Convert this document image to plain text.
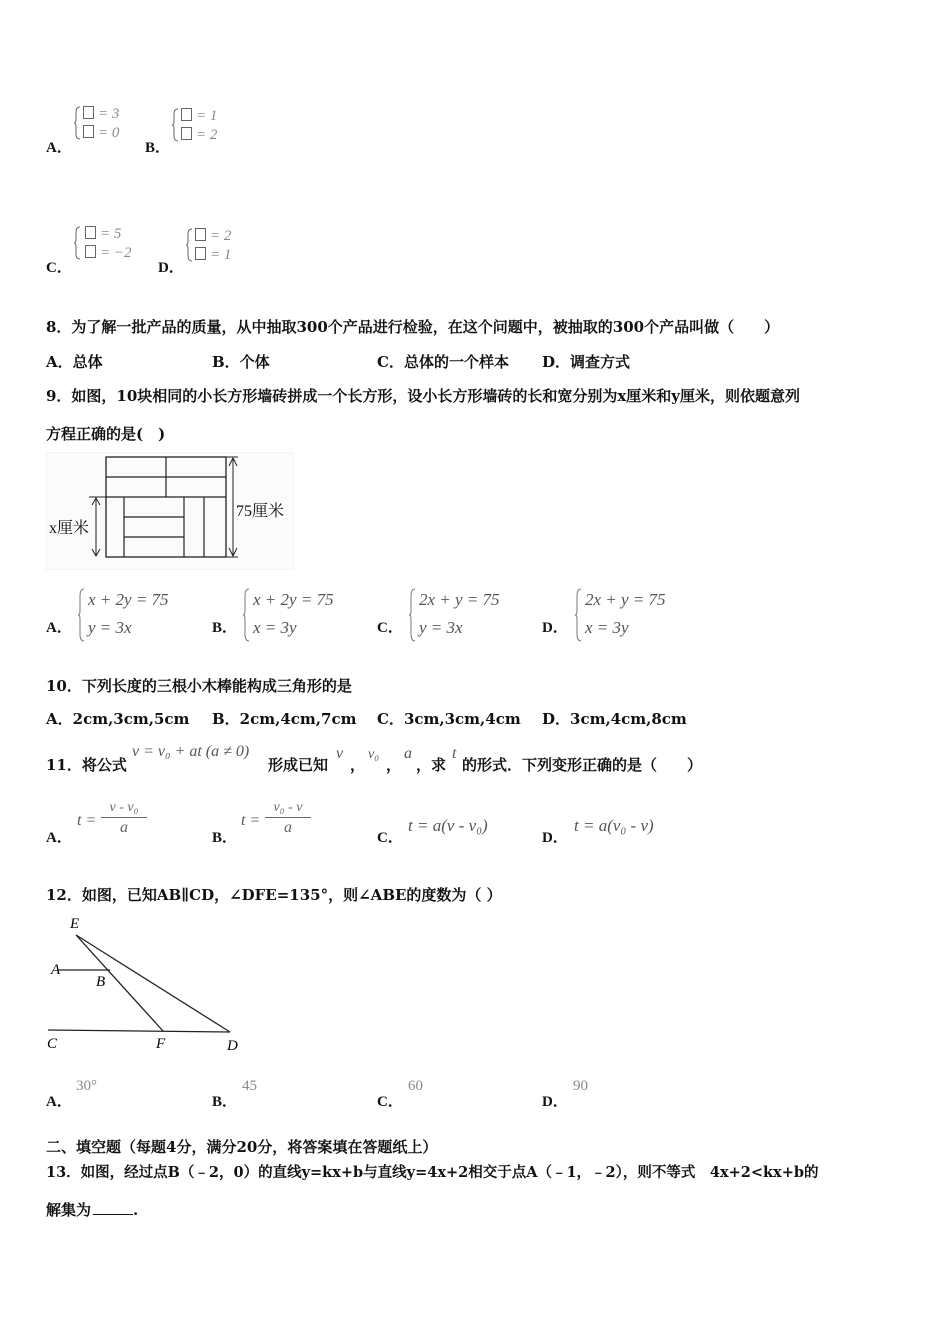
A．
= 3
= 0
B．
= 1
= 2
C．
= 5
= −2
D．
= 2
= 1
8．为了解一批产品的质量，从中抽取300个产品进行检验，在这个问题中，被抽取的300个产品叫做（　　）
A．总体	B．个体	C．总体的一个样本 D．调查方式
9．如图，10块相同的小长方形墙砖拼成一个长方形，设小长方形墙砖的长和宽分别为x厘米和y厘米，则依题意列
方程正确的是(　)
x厘米
75厘米
A．
x + 2y = 75
y = 3x	B．
x + 2y = 75
x = 3y	C．
2x + y = 75
y = 3x	D．
2x + y = 75
x = 3y
10．下列长度的三根小木棒能构成三角形的是
A．2cm,3cm,5cm B．2cm,4cm,7cm C．3cm,3cm,4cm D．3cm,4cm,8cm
11．将公式
v = v₀ + at (a ≠ 0)
形成已知
v
，
v₀
，
a
，求
t
的形式．下列变形正确的是（　　）
A．
t =
v - v₀
a
B．
t =
v₀ - v
a
C．
t = a(v - v₀)
D．
t = a(v₀ - v)
12．如图，已知AB∥CD，∠DFE=135°，则∠ABE的度数为（ ）
E
A
B
C	F	D
A．
30°
B．
45
C．
60
D．
90
二、填空题（每题4分，满分20分，将答案填在答题纸上）
13．如图，经过点B（﹣2，0）的直线y=kx+b与直线y=4x+2相交于点A（﹣1，﹣2），则不等式　4x+2<kx+b的
解集为	.
